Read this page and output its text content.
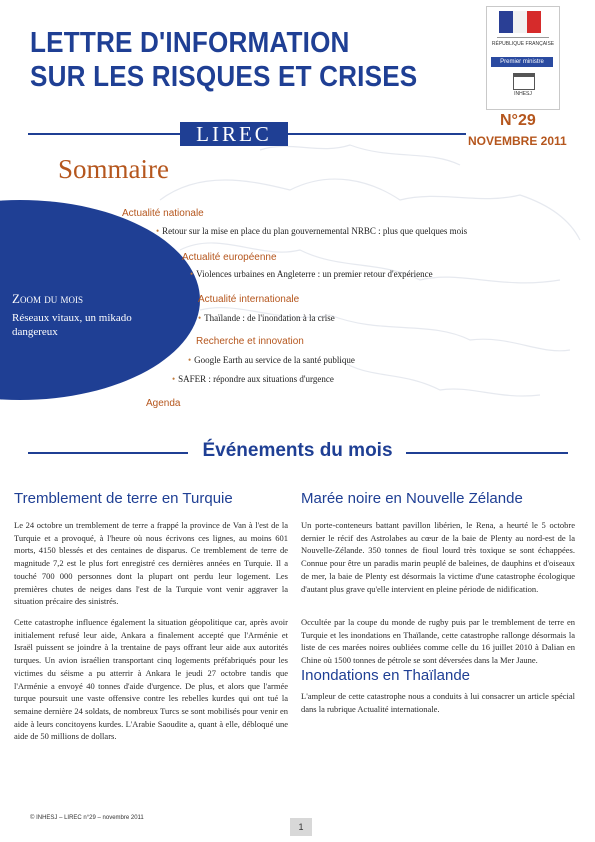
LETTRE D'INFORMATION
SUR LES RISQUES ET CRISES
LIREC
RÉPUBLIQUE FRANÇAISE
Premier ministre
INHESJ
N°29
NOVEMBRE 2011
Sommaire
Zoom du mois
Réseaux vitaux, un mikado dangereux
Actualité nationale
• Retour sur la mise en place du plan gouvernemental NRBC : plus que quelques mois
Actualité européenne
• Violences urbaines en Angleterre : un premier retour d'expérience
Actualité internationale
• Thaïlande : de l'inondation à la crise
Recherche et innovation
• Google Earth au service de la santé publique
• SAFER : répondre aux situations d'urgence
Agenda
Événements du mois
Tremblement de terre en Turquie
Le 24 octobre un tremblement de terre a frappé la province de Van à l'est de la Turquie et a provoqué, à l'heure où nous écrivons ces lignes, au moins 601 morts, 4150 blessés et des centaines de disparus. Ce tremblement de terre de magnitude 7,2 est le plus fort enregistré ces dernières années en Turquie. Il a touché 700 000 personnes dont la plupart ont perdu leur logement. Les premières chutes de neiges dans l'est de la Turquie vont venir aggraver la situation précaire des sinistrés.
Cette catastrophe influence également la situation géopolitique car, après avoir initialement refusé leur aide, Ankara a finalement accepté que l'Arménie et Israël puissent se joindre à la trentaine de pays offrant leur aide aux autorités turques. Un avion israélien transportant cinq logements préfabriqués pour les victimes du séisme a pu atterrir à Ankara le jeudi 27 octobre tandis que l'Arménie a envoyé 40 tonnes d'aide d'urgence. De plus, et alors que l'armée turque poursuit une vaste offensive contre les rebelles kurdes qui ont tué la semaine dernière 24 soldats, de nombreux Turcs se sont mobilisés pour venir en aide à leurs concitoyens kurdes. L'Arabie Saoudite a, quant à elle, débloqué une aide de 50 millions de dollars.
Marée noire en Nouvelle Zélande
Un porte-conteneurs battant pavillon libérien, le Rena, a heurté le 5 octobre dernier le récif des Astrolabes au cœur de la baie de Plenty au nord-est de la Nouvelle-Zélande. 350 tonnes de fioul lourd très toxique se sont échappées. Connue pour être un paradis marin peuplé de baleines, de dauphins et d'oiseaux de mer, la baie de Plenty est désormais la victime d'une catastrophe écologique d'autant plus grave qu'elle intervient en pleine période de nidification.
Occultée par la coupe du monde de rugby puis par le tremblement de terre en Turquie et les inondations en Thaïlande, cette catastrophe rallonge désormais la liste de ces marées noires oubliées comme celle du 16 juillet 2010 à Dalian en Chine où 1500 tonnes de pétrole se sont déversées dans la Mer Jaune.
Inondations en Thaïlande
L'ampleur de cette catastrophe nous a conduits à lui consacrer un article spécial dans la rubrique Actualité internationale.
© INHESJ – LIREC n°29 – novembre 2011
1
